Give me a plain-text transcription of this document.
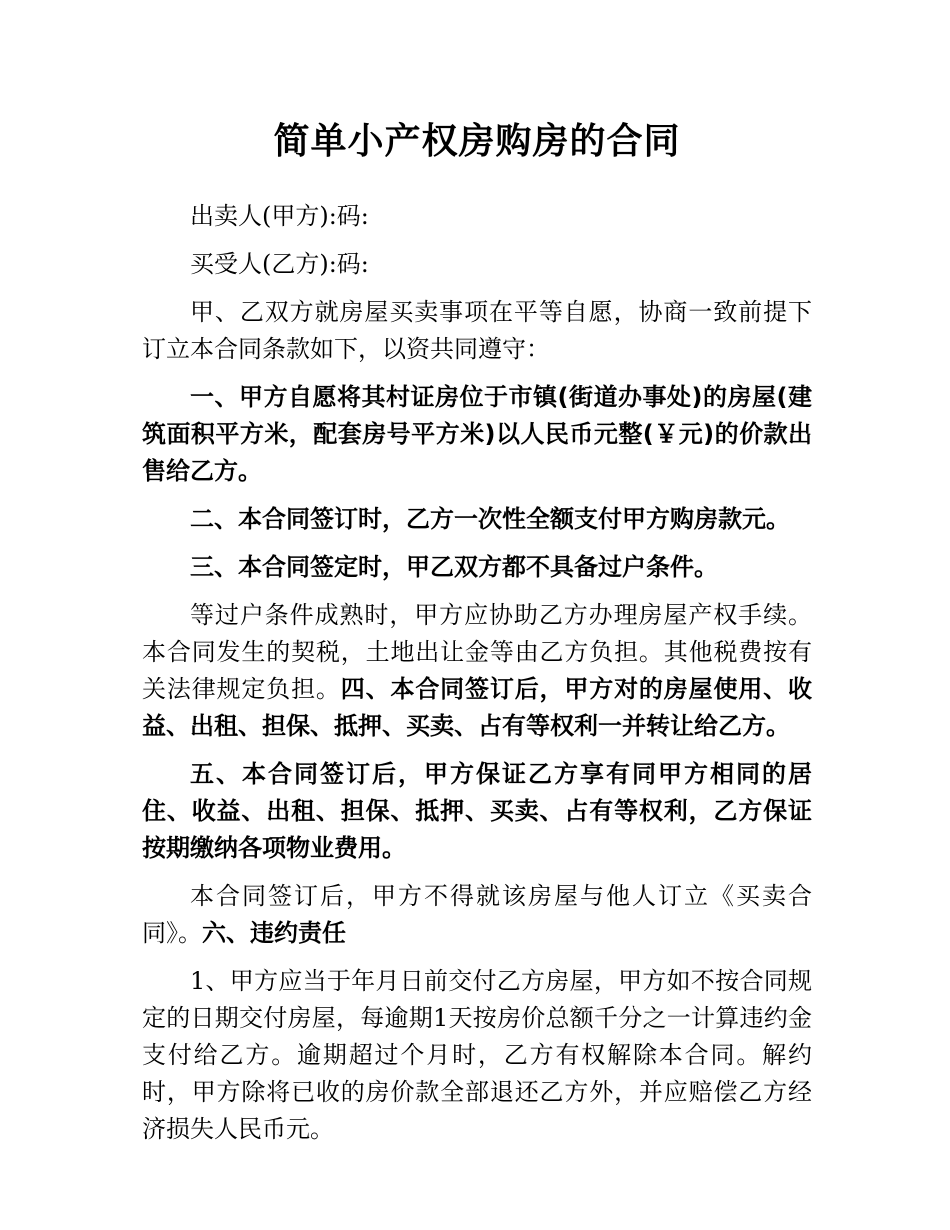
简单小产权房购房的合同

出卖人(甲方):码:

买受人(乙方):码:

甲、乙双方就房屋买卖事项在平等自愿，协商一致前提下订立本合同条款如下，以资共同遵守：

一、甲方自愿将其村证房位于市镇(街道办事处)的房屋(建筑面积平方米，配套房号平方米)以人民币元整(￥元)的价款出售给乙方。

二、本合同签订时，乙方一次性全额支付甲方购房款元。

三、本合同签定时，甲乙双方都不具备过户条件。

等过户条件成熟时，甲方应协助乙方办理房屋产权手续。本合同发生的契税，土地出让金等由乙方负担。其他税费按有关法律规定负担。四、本合同签订后，甲方对的房屋使用、收益、出租、担保、抵押、买卖、占有等权利一并转让给乙方。

五、本合同签订后，甲方保证乙方享有同甲方相同的居住、收益、出租、担保、抵押、买卖、占有等权利，乙方保证按期缴纳各项物业费用。

本合同签订后，甲方不得就该房屋与他人订立《买卖合同》。六、违约责任

1、甲方应当于年月日前交付乙方房屋，甲方如不按合同规定的日期交付房屋，每逾期1天按房价总额千分之一计算违约金支付给乙方。逾期超过个月时，乙方有权解除本合同。解约时，甲方除将已收的房价款全部退还乙方外，并应赔偿乙方经济损失人民币元。
